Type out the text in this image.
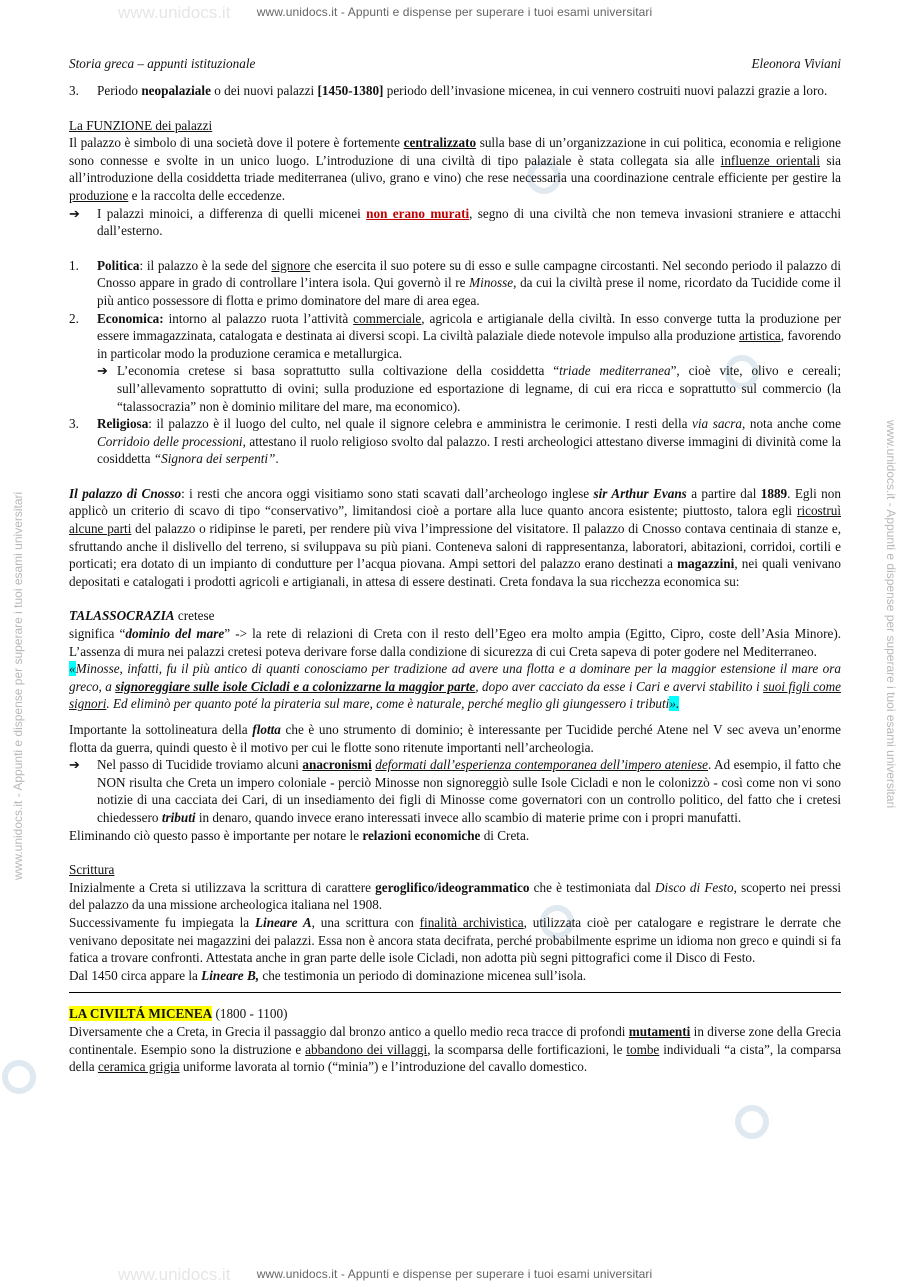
www.unidocs.it - Appunti e dispense per superare i tuoi esami universitari
www.unidocs.it - Appunti e dispense per superare i tuoi esami universitari
www.unidocs.it
www.unidocs.it
www.unidocs.it - Appunti e dispense per superare i tuoi esami universitari	www.unidocs.it - Appunti e dispense per superare i tuoi esami universitari
Storia greca – appunti istituzionale	Eleonora Viviani
3.	Periodo neopalaziale o dei nuovi palazzi [1450-1380] periodo dell’invasione micenea, in cui vennero costruiti nuovi palazzi grazie a loro.

La FUNZIONE dei palazzi

Il palazzo è simbolo di una società dove il potere è fortemente centralizzato sulla base di un’organizzazione in cui politica, economia e religione sono connesse e svolte in un unico luogo. L’introduzione di una civiltà di tipo palaziale è stata collegata sia alle influenze orientali sia all’introduzione della cosiddetta triade mediterranea (ulivo, grano e vino) che rese necessaria una coordinazione centrale efficiente per gestire la produzione e la raccolta delle eccedenze.

➔	I palazzi minoici, a differenza di quelli micenei non erano murati, segno di una civiltà che non temeva invasioni straniere e attacchi dall’esterno.
1.	Politica: il palazzo è la sede del signore che esercita il suo potere su di esso e sulle campagne circostanti. Nel secondo periodo il palazzo di Cnosso appare in grado di controllare l’intera isola. Qui governò il re Minosse, da cui la civiltà prese il nome, ricordato da Tucidide come il più antico possessore di flotta e primo dominatore del mare di area egea.
2.	Economica: intorno al palazzo ruota l’attività commerciale, agricola e artigianale della civiltà. In esso converge tutta la produzione per essere immagazzinata, catalogata e destinata ai diversi scopi. La civiltà palaziale diede notevole impulso alla produzione artistica, favorendo in particolar modo la produzione ceramica e metallurgica.
➔ L’economia cretese si basa soprattutto sulla coltivazione della cosiddetta “triade mediterranea”, cioè vite, olivo e cereali; sull’allevamento soprattutto di ovini; sulla produzione ed esportazione di legname, di cui era ricca e soprattutto sul commercio (la “talassocrazia” non è dominio militare del mare, ma economico).
3.	Religiosa: il palazzo è il luogo del culto, nel quale il signore celebra e amministra le cerimonie. I resti della via sacra, nota anche come Corridoio delle processioni, attestano il ruolo religioso svolto dal palazzo. I resti archeologici attestano diverse immagini di divinità come la cosiddetta “Signora dei serpenti”.

Il palazzo di Cnosso: i resti che ancora oggi visitiamo sono stati scavati dall’archeologo inglese sir Arthur Evans a partire dal 1889. Egli non applicò un criterio di scavo di tipo “conservativo”, limitandosi cioè a portare alla luce quanto ancora esistente; piuttosto, talora egli ricostruì alcune parti del palazzo o ridipinse le pareti, per rendere più viva l’impressione del visitatore. Il palazzo di Cnosso contava centinaia di stanze e, sfruttando anche il dislivello del terreno, si sviluppava su più piani. Conteneva saloni di rappresentanza, laboratori, abitazioni, corridoi, cortili e porticati; era dotato di un impianto di condutture per l’acqua piovana. Ampi settori del palazzo erano destinati a magazzini, nei quali venivano depositati e catalogati i prodotti agricoli e artigianali, in attesa di essere destinati. Creta fondava la sua ricchezza economica su:

TALASSOCRAZIA cretese

significa “dominio del mare” -> la rete di relazioni di Creta con il resto dell’Egeo era molto ampia (Egitto, Cipro, coste dell’Asia Minore). L’assenza di mura nei palazzi cretesi poteva derivare forse dalla condizione di sicurezza di cui Creta sapeva di poter godere nel Mediterraneo.

«Minosse, infatti, fu il più antico di quanti conosciamo per tradizione ad avere una flotta e a dominare per la maggior estensione il mare ora greco, a signoreggiare sulle isole Cicladi e a colonizzarne la maggior parte, dopo aver cacciato da esse i Cari e avervi stabilito i suoi figli come signori. Ed eliminò per quanto poté la pirateria sul mare, come è naturale, perché meglio gli giungessero i tributi».

Importante la sottolineatura della flotta che è uno strumento di dominio; è interessante per Tucidide perché Atene nel V sec aveva un’enorme flotta da guerra, quindi questo è il motivo per cui le flotte sono ritenute importanti nell’archeologia.

➔	Nel passo di Tucidide troviamo alcuni anacronismi deformati dall’esperienza contemporanea dell’impero ateniese. Ad esempio, il fatto che NON risulta che Creta un impero coloniale - perciò Minosse non signoreggiò sulle Isole Cicladi e non le colonizzò - così come non vi sono notizie di una cacciata dei Cari, di un insediamento dei figli di Minosse come governatori con un controllo politico, del fatto che i cretesi chiedessero tributi in denaro, quando invece erano interessati invece allo scambio di materie prime con i propri manufatti.

Eliminando ciò questo passo è importante per notare le relazioni economiche di Creta.

Scrittura

Inizialmente a Creta si utilizzava la scrittura di carattere geroglifico/ideogrammatico che è testimoniata dal Disco di Festo, scoperto nei pressi del palazzo da una missione archeologica italiana nel 1908.

Successivamente fu impiegata la Lineare A, una scrittura con finalità archivistica, utilizzata cioè per catalogare e registrare le derrate che venivano depositate nei magazzini dei palazzi. Essa non è ancora stata decifrata, perché probabilmente esprime un idioma non greco e quindi si fa fatica a trovare confronti. Attestata anche in gran parte delle isole Cicladi, non adotta più segni pittografici come il Disco di Festo.

Dal 1450 circa appare la Lineare B, che testimonia un periodo di dominazione micenea sull’isola.

LA CIVILTÁ MICENEA (1800 - 1100)

Diversamente che a Creta, in Grecia il passaggio dal bronzo antico a quello medio reca tracce di profondi mutamenti in diverse zone della Grecia continentale. Esempio sono la distruzione e abbandono dei villaggi, la scomparsa delle fortificazioni, le tombe individuali “a cista”, la comparsa della ceramica grigia uniforme lavorata al tornio (“minia”) e l’introduzione del cavallo domestico.
